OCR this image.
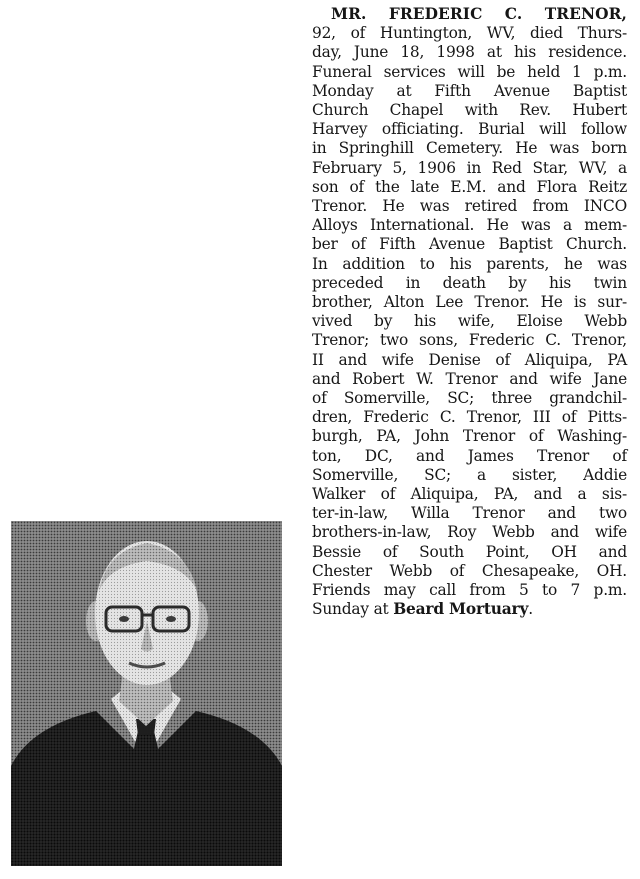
MR. FREDERIC C. TRENOR,
92, of Huntington, WV, died Thurs-
day, June 18, 1998 at his residence.
Funeral services will be held 1 p.m.
Monday at Fifth Avenue Baptist
Church Chapel with Rev. Hubert
Harvey officiating. Burial will follow
in Springhill Cemetery. He was born
February 5, 1906 in Red Star, WV, a
son of the late E.M. and Flora Reitz
Trenor. He was retired from INCO
Alloys International. He was a mem-
ber of Fifth Avenue Baptist Church.
In addition to his parents, he was
preceded in death by his twin
brother, Alton Lee Trenor. He is sur-
vived by his wife, Eloise Webb
Trenor; two sons, Frederic C. Trenor,
II and wife Denise of Aliquipa, PA
and Robert W. Trenor and wife Jane
of Somerville, SC; three grandchil-
dren, Frederic C. Trenor, III of Pitts-
burgh, PA, John Trenor of Washing-
ton, DC, and James Trenor of
Somerville, SC; a sister, Addie
Walker of Aliquipa, PA, and a sis-
ter-in-law, Willa Trenor and two
brothers-in-law, Roy Webb and wife
Bessie of South Point, OH and
Chester Webb of Chesapeake, OH.
Friends may call from 5 to 7 p.m.
Sunday at Beard Mortuary.
